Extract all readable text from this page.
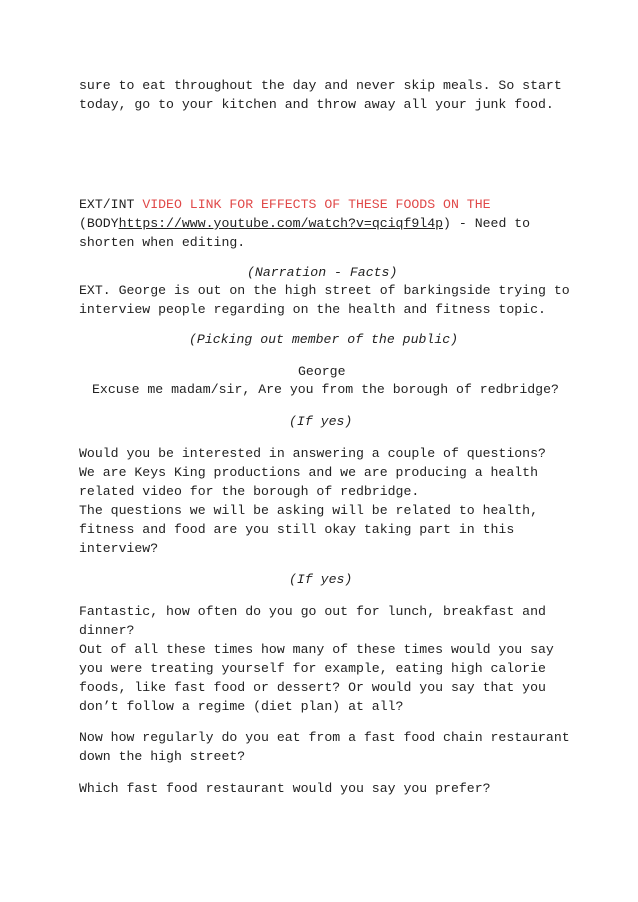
sure to eat throughout the day and never skip meals. So start
today, go to your kitchen and throw away all your junk food.
EXT/INT VIDEO LINK FOR EFFECTS OF THESE FOODS ON THE
(BODYhttps://www.youtube.com/watch?v=qciqf9l4p) - Need to
shorten when editing.
(Narration - Facts)
EXT. George is out on the high street of barkingside trying to
interview people regarding on the health and fitness topic.
(Picking out member of the public)
George
Excuse me madam/sir, Are you from the borough of redbridge?
(If yes)
Would you be interested in answering a couple of questions?
We are Keys King productions and we are producing a health
related video for the borough of redbridge.
The questions we will be asking will be related to health,
fitness and food are you still okay taking part in this
interview?
(If yes)
Fantastic, how often do you go out for lunch, breakfast and
dinner?
Out of all these times how many of these times would you say
you were treating yourself for example, eating high calorie
foods, like fast food or dessert? Or would you say that you
don’t follow a regime (diet plan) at all?
Now how regularly do you eat from a fast food chain restaurant
down the high street?
Which fast food restaurant would you say you prefer?
